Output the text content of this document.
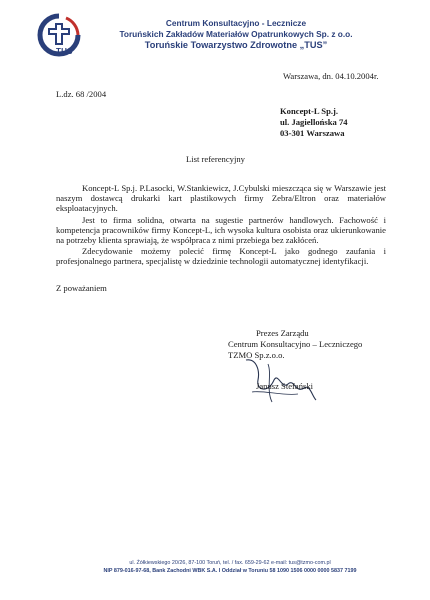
TUS
Centrum Konsultacyjno - Lecznicze
Toruńskich Zakładów Materiałów Opatrunkowych Sp. z o.o.
Toruńskie Towarzystwo Zdrowotne „TUS”
Warszawa, dn. 04.10.2004r.
L.dz. 68 /2004
Koncept-L Sp.j.
ul. Jagiellońska 74
03-301 Warszawa
List referencyjny
Koncept-L Sp.j. P.Lasocki, W.Stankiewicz, J.Cybulski mieszcząca się w Warszawie jest naszym dostawcą drukarki kart plastikowych firmy Zebra/Eltron oraz materiałów eksploatacyjnych.
Jest to firma solidna, otwarta na sugestie partnerów handlowych. Fachowość i kompetencja pracowników firmy Koncept-L, ich wysoka kultura osobista oraz ukierunkowanie na potrzeby klienta sprawiają, że współpraca z nimi przebiega bez zakłóceń.
Zdecydowanie możemy polecić firmę Koncept-L jako godnego zaufania i profesjonalnego partnera, specjalistę w dziedzinie technologii automatycznej identyfikacji.
Z poważaniem
Prezes Zarządu
Centrum Konsultacyjno – Leczniczego
TZMO Sp.z.o.o.
Janusz Stefański
ul. Żółkiewskiego 20/26, 87-100 Toruń, tel. / fax. 659-29-62 e-mail: tus@tzmo-com.pl
NIP 879-016-97-68, Bank Zachodni WBK S.A. I Oddział w Toruniu 58 1090 1506 0000 0000 5837 7199
